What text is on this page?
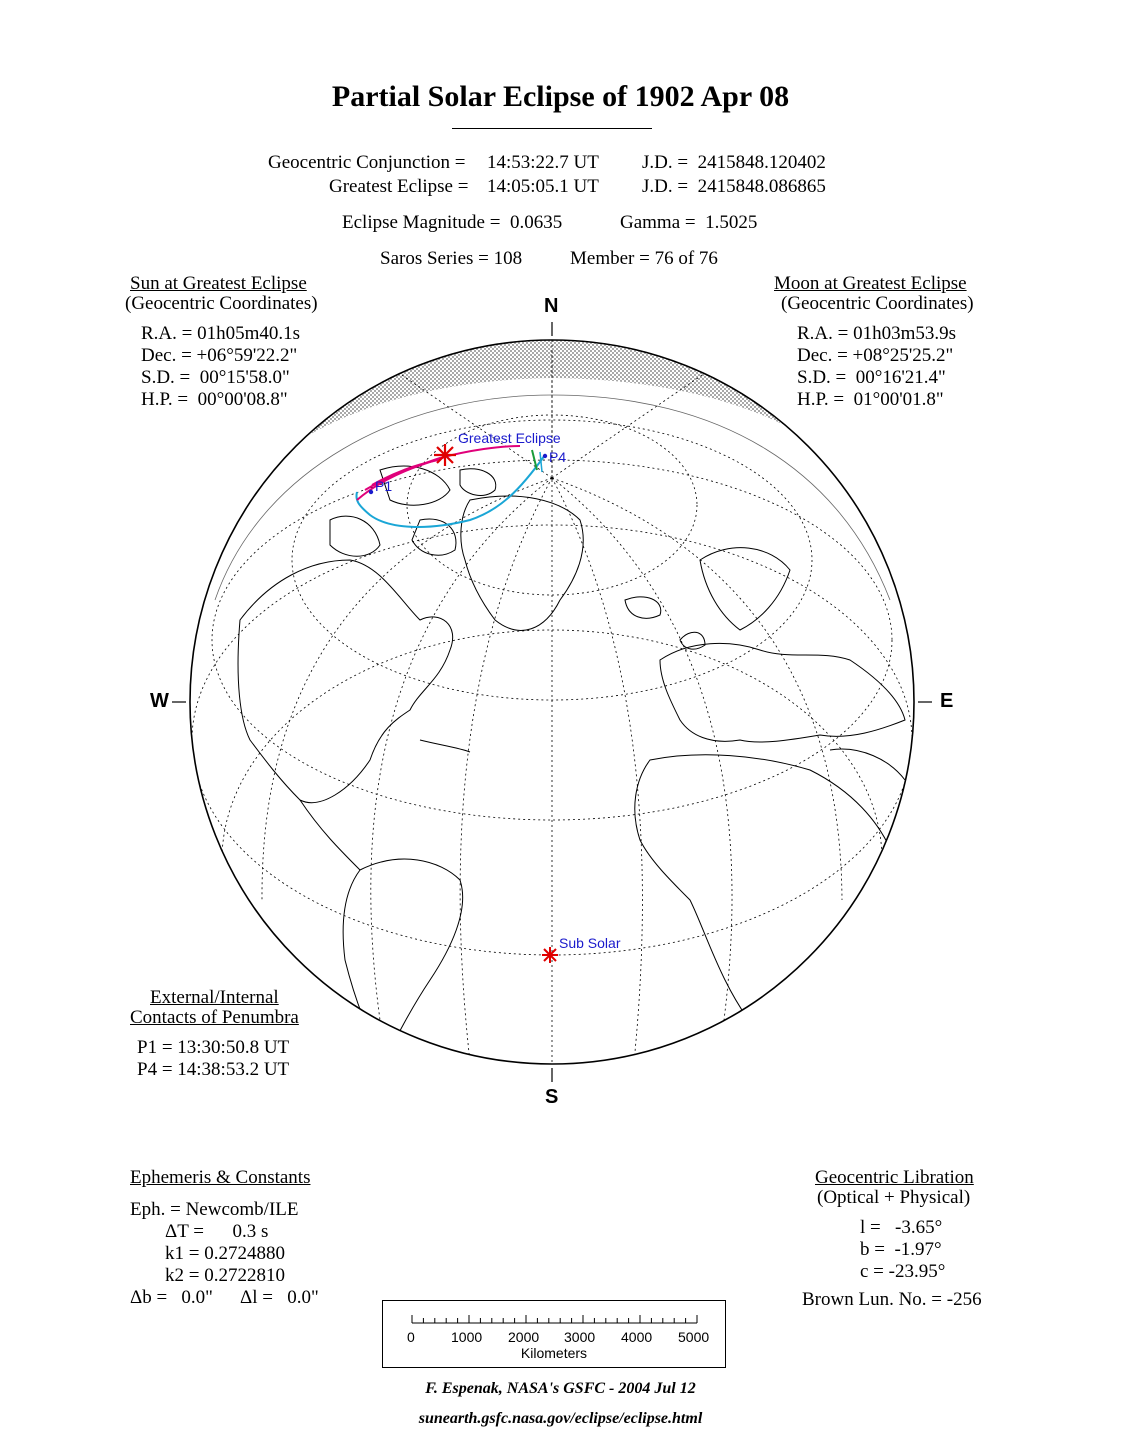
Partial Solar Eclipse of 1902 Apr 08
Geocentric Conjunction = 14:53:22.7 UT J.D. =  2415848.120402
Greatest Eclipse = 14:05:05.1 UT J.D. =  2415848.086865
Eclipse Magnitude =  0.0635	Gamma =  1.5025
Saros Series = 108	Member = 76 of 76
Sun at Greatest Eclipse
(Geocentric Coordinates)
R.A. = 01h05m40.1s
Dec. = +06°59'22.2"
S.D. =  00°15'58.0"
H.P. =  00°00'08.8"
Moon at Greatest Eclipse
(Geocentric Coordinates)
R.A. = 01h03m53.9s
Dec. = +08°25'25.2"
S.D. =  00°16'21.4"
H.P. =  01°00'01.8"
Greatest Eclipse
P1
P4
Sub Solar
N
S
W	E
External/Internal
Contacts of Penumbra
P1 = 13:30:50.8 UT
P4 = 14:38:53.2 UT
Ephemeris & Constants
Eph. = Newcomb/ILE
ΔT =      0.3 s
k1 = 0.2724880
k2 = 0.2722810
Δb =   0.0" Δl =   0.0"
Geocentric Libration
(Optical + Physical)
l =   -3.65°
b =  -1.97°
c = -23.95°
Brown Lun. No. = -256
0	1000 2000 3000 4000 5000
Kilometers
F. Espenak, NASA's GSFC - 2004 Jul 12
sunearth.gsfc.nasa.gov/eclipse/eclipse.html
